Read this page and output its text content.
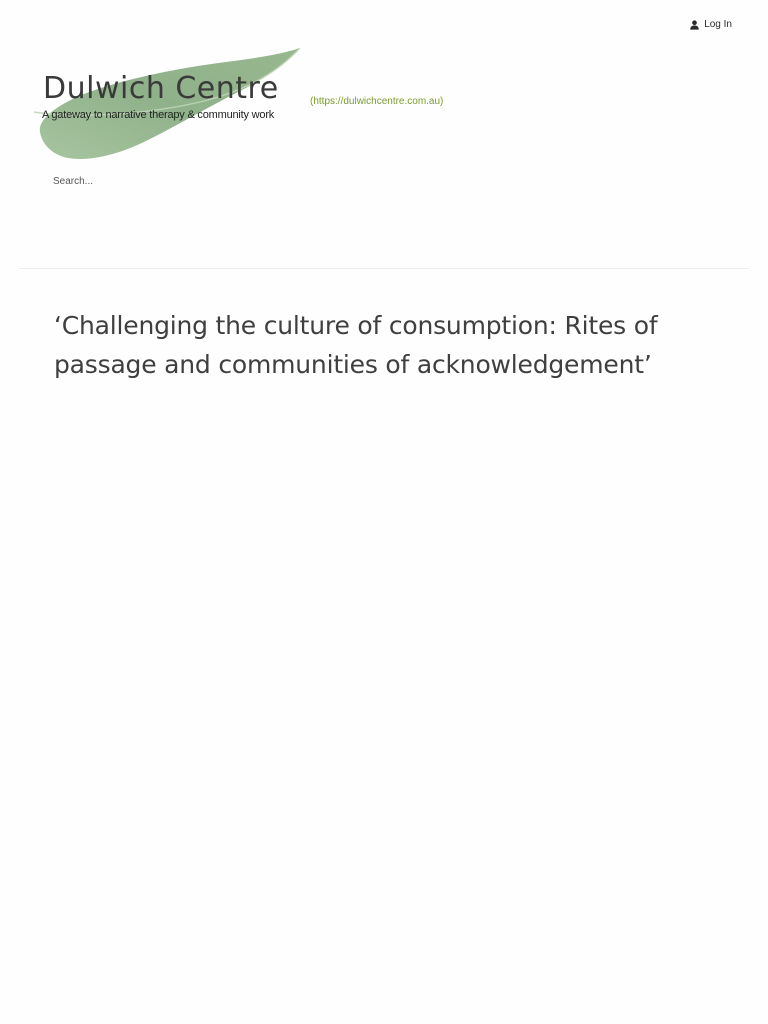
Log In
Dulwich Centre
A gateway to narrative therapy & community work
(https://dulwichcentre.com.au)
Search...
‘Challenging the culture of consumption: Rites of passage and communities of acknowledgement’
